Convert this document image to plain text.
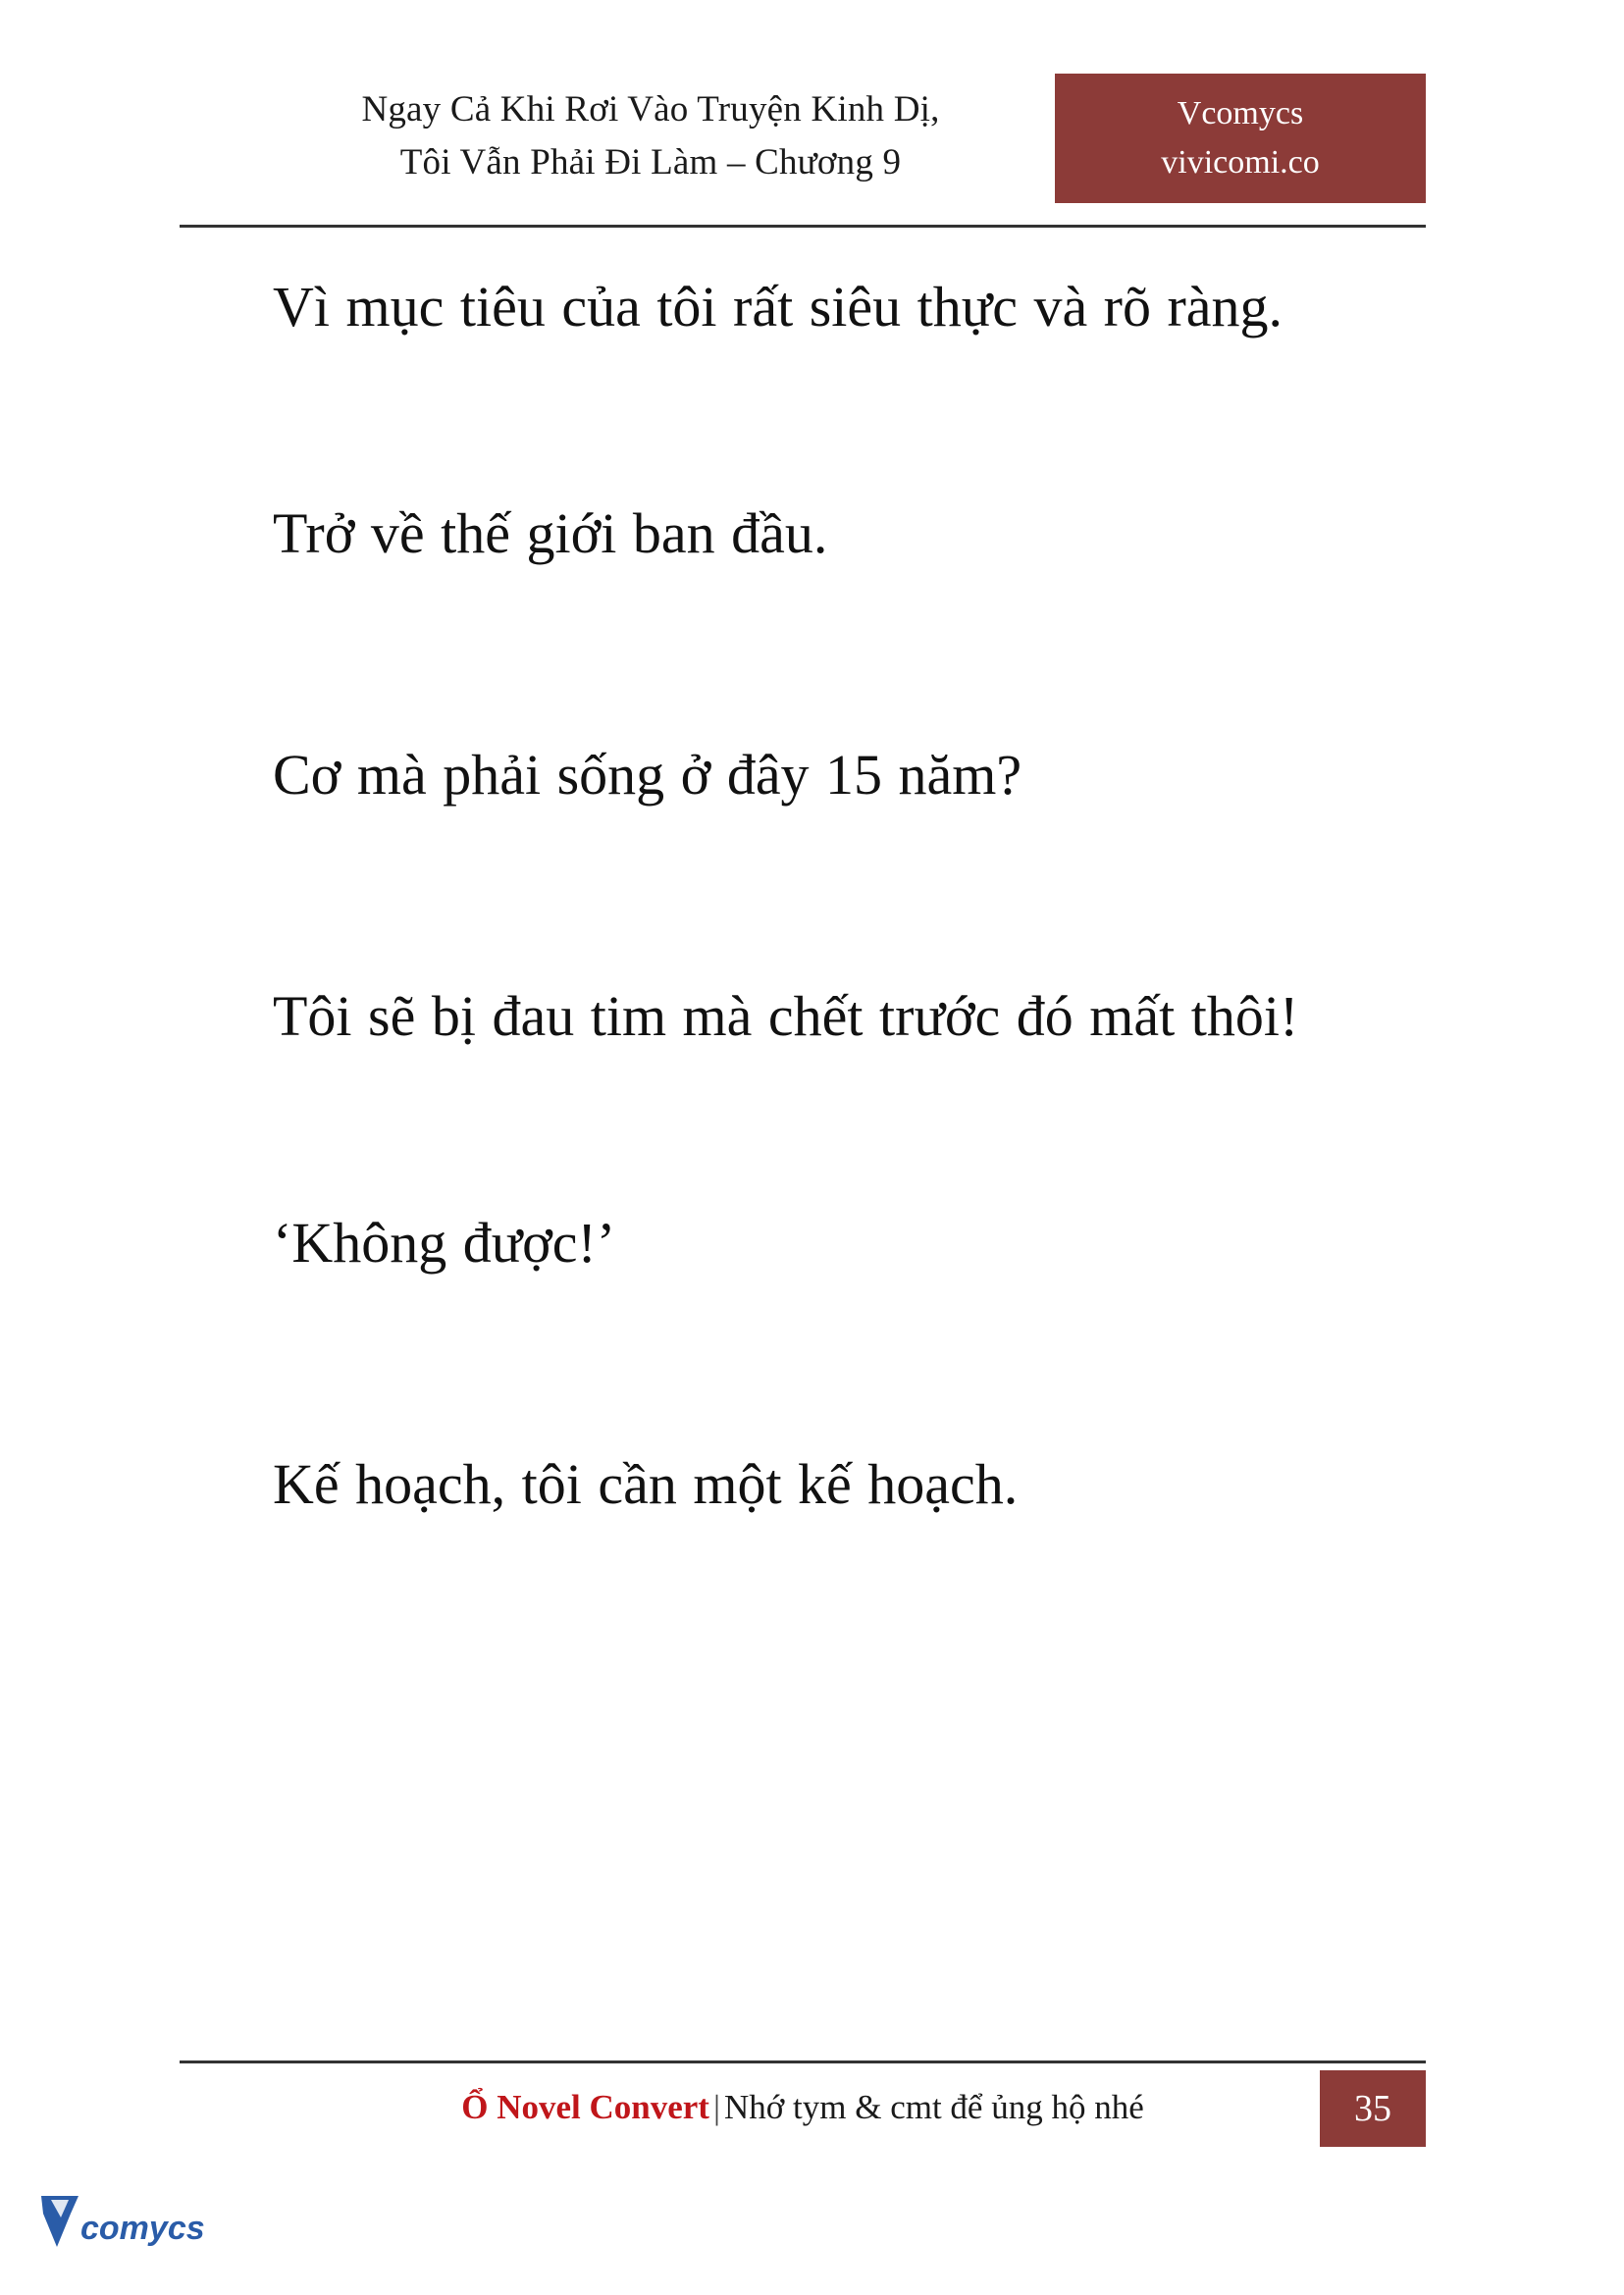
Ngay Cả Khi Rơi Vào Truyện Kinh Dị,
Tôi Vẫn Phải Đi Làm – Chương 9
Vcomycs
vivicomi.co

Vì mục tiêu của tôi rất siêu thực và rõ ràng.

Trở về thế giới ban đầu.

Cơ mà phải sống ở đây 15 năm?

Tôi sẽ bị đau tim mà chết trước đó mất thôi!

‘Không được!’

Kế hoạch, tôi cần một kế hoạch.

Ổ Novel Convert | Nhớ tym & cmt để ủng hộ nhé	35
comycs
